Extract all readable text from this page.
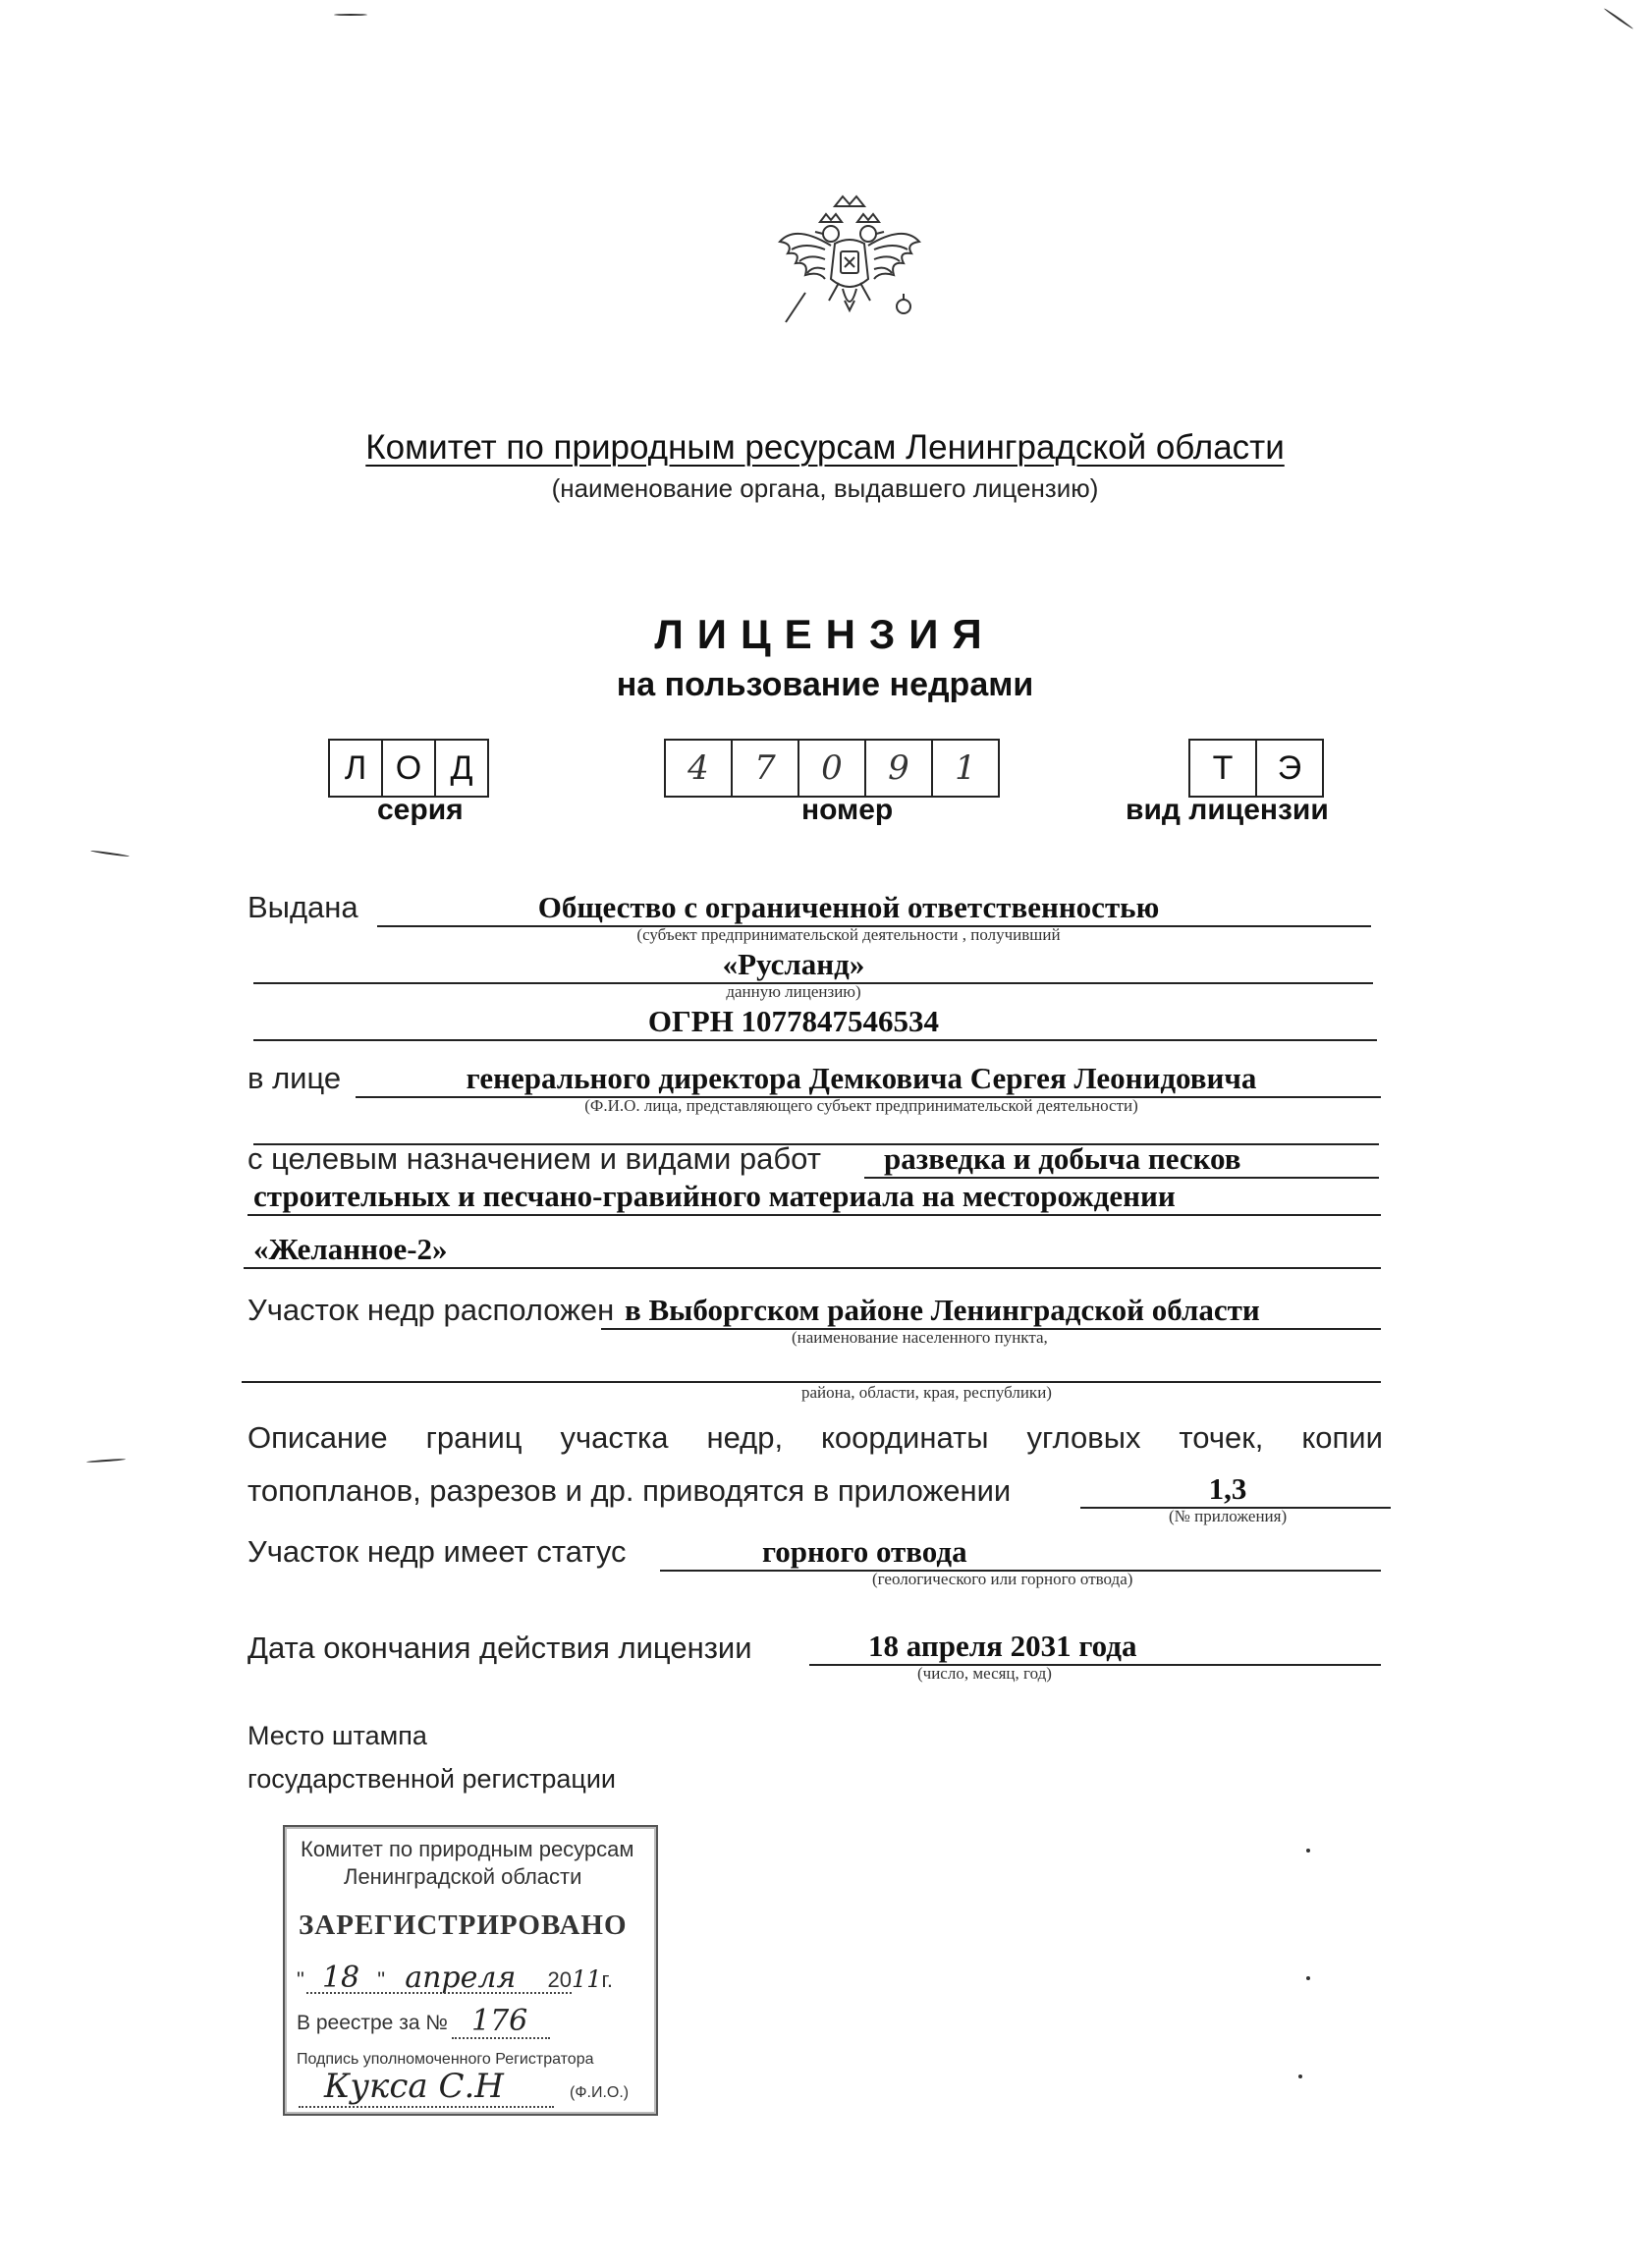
Комитет по природным ресурсам Ленинградской области
(наименование органа, выдавшего лицензию)
ЛИЦЕНЗИЯ
на пользование недрами
Л О Д
серия
4	7	0	9	1
номер
Т	Э
вид лицензии
Выдана	Общество с ограниченной ответственностью
(субъект предпринимательской деятельности , получивший
«Русланд»
данную лицензию)
ОГРН 1077847546534
в лице	генерального директора Демковича Сергея Леонидовича
(Ф.И.О. лица, представляющего субъект предпринимательской деятельности)
с целевым назначением и видами работ разведка и добыча песков
строительных и песчано-гравийного материала на месторождении
«Желанное-2»
Участок недр расположен в Выборгском районе Ленинградской области
(наименование населенного пункта,
района, области, края, республики)
Описание границ участка недр, координаты угловых точек, копии
топопланов, разрезов и др. приводятся в приложении	1,3
(№ приложения)
Участок недр имеет статус	горного отвода
(геологического или горного отвода)
Дата окончания действия лицензии	18 апреля 2031 года
(число, месяц, год)
Место штампа
государственной регистрации
Комитет по природным ресурсам
Ленинградской области
ЗАРЕГИСТРИРОВАНО
" 18 " апреля 2011г.
В реестре за № 176
Подпись уполномоченного Регистратора
Кукса С.Н	(Ф.И.О.)
